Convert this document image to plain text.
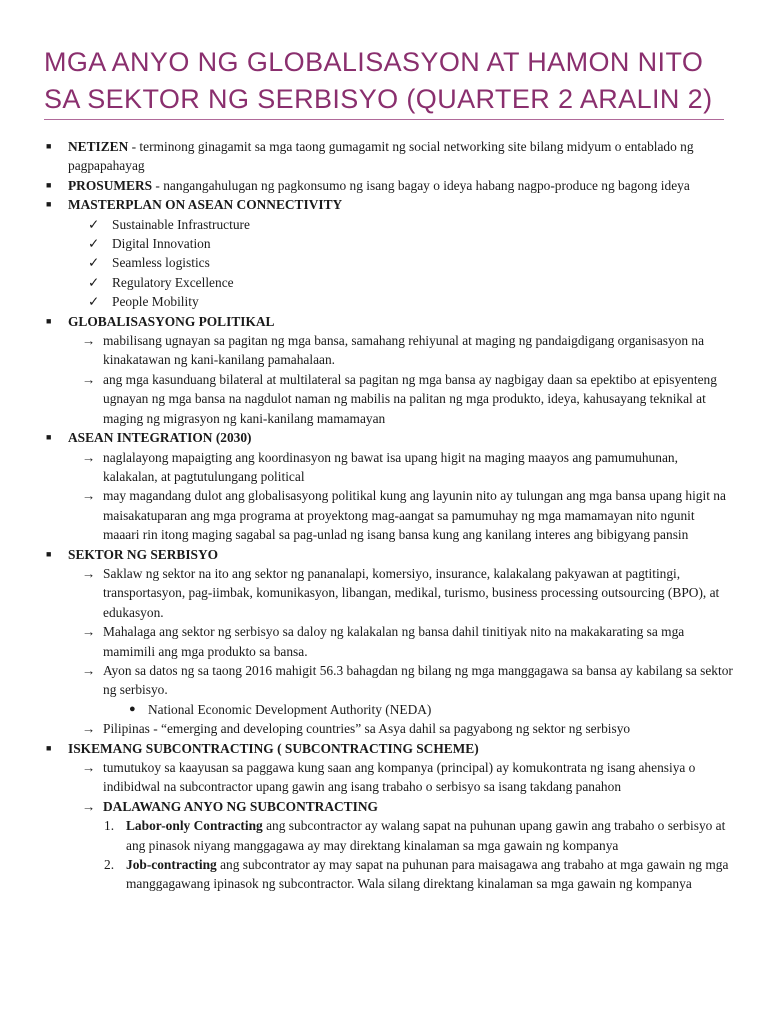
MGA ANYO NG GLOBALISASYON AT HAMON NITO SA SEKTOR NG SERBISYO (QUARTER 2 ARALIN 2)
■ NETIZEN - terminong ginagamit sa mga taong gumagamit ng social networking site bilang midyum o entablado ng pagpapahayag
■ PROSUMERS - nangangahulugan ng pagkonsumo ng isang bagay o ideya habang nagpo-produce ng bagong ideya
■ MASTERPLAN ON ASEAN CONNECTIVITY
✓ Sustainable Infrastructure
✓ Digital Innovation
✓ Seamless logistics
✓ Regulatory Excellence
✓ People Mobility
■ GLOBALISASYONG POLITIKAL
→ mabilisang ugnayan sa pagitan ng mga bansa, samahang rehiyunal at maging ng pandaigdigang organisasyon na kinakatawan ng kani-kanilang pamahalaan.
→ ang mga kasunduang bilateral at multilateral sa pagitan ng mga bansa ay nagbigay daan sa epektibo at episyenteng ugnayan ng mga bansa na nagdulot naman ng mabilis na palitan ng mga produkto, ideya, kahusayang teknikal at maging ng migrasyon ng kani-kanilang mamamayan
■ ASEAN INTEGRATION (2030)
→ naglalayong mapaigting ang koordinasyon ng bawat isa upang higit na maging maayos ang pamumuhunan, kalakalan, at pagtutulungang political
→ may magandang dulot ang globalisasyong politikal kung ang layunin nito ay tulungan ang mga bansa upang higit na maisakatuparan ang mga programa at proyektong mag-aangat sa pamumuhay ng mga mamamayan nito ngunit maaari rin itong maging sagabal sa pag-unlad ng isang bansa kung ang kanilang interes ang bibigyang pansin
■ SEKTOR NG SERBISYO
→ Saklaw ng sektor na ito ang sektor ng pananalapi, komersiyo, insurance, kalakalang pakyawan at pagtitingi, transportasyon, pag-iimbak, komunikasyon, libangan, medikal, turismo, business processing outsourcing (BPO), at edukasyon.
→ Mahalaga ang sektor ng serbisyo sa daloy ng kalakalan ng bansa dahil tinitiyak nito na makakarating sa mga mamimili ang mga produkto sa bansa.
→ Ayon sa datos ng sa taong 2016 mahigit 56.3 bahagdan ng bilang ng mga manggagawa sa bansa ay kabilang sa sektor ng serbisyo.
● National Economic Development Authority (NEDA)
→ Pilipinas - “emerging and developing countries” sa Asya dahil sa pagyabong ng sektor ng serbisyo
■ ISKEMANG SUBCONTRACTING ( SUBCONTRACTING SCHEME)
→ tumutukoy sa kaayusan sa paggawa kung saan ang kompanya (principal) ay komukontrata ng isang ahensiya o indibidwal na subcontractor upang gawin ang isang trabaho o serbisyo sa isang takdang panahon
→ DALAWANG ANYO NG SUBCONTRACTING
1. Labor-only Contracting ang subcontractor ay walang sapat na puhunan upang gawin ang trabaho o serbisyo at ang pinasok niyang manggagawa ay may direktang kinalaman sa mga gawain ng kompanya
2. Job-contracting ang subcontrator ay may sapat na puhunan para maisagawa ang trabaho at mga gawain ng mga manggagawang ipinasok ng subcontractor. Wala silang direktang kinalaman sa mga gawain ng kompanya
